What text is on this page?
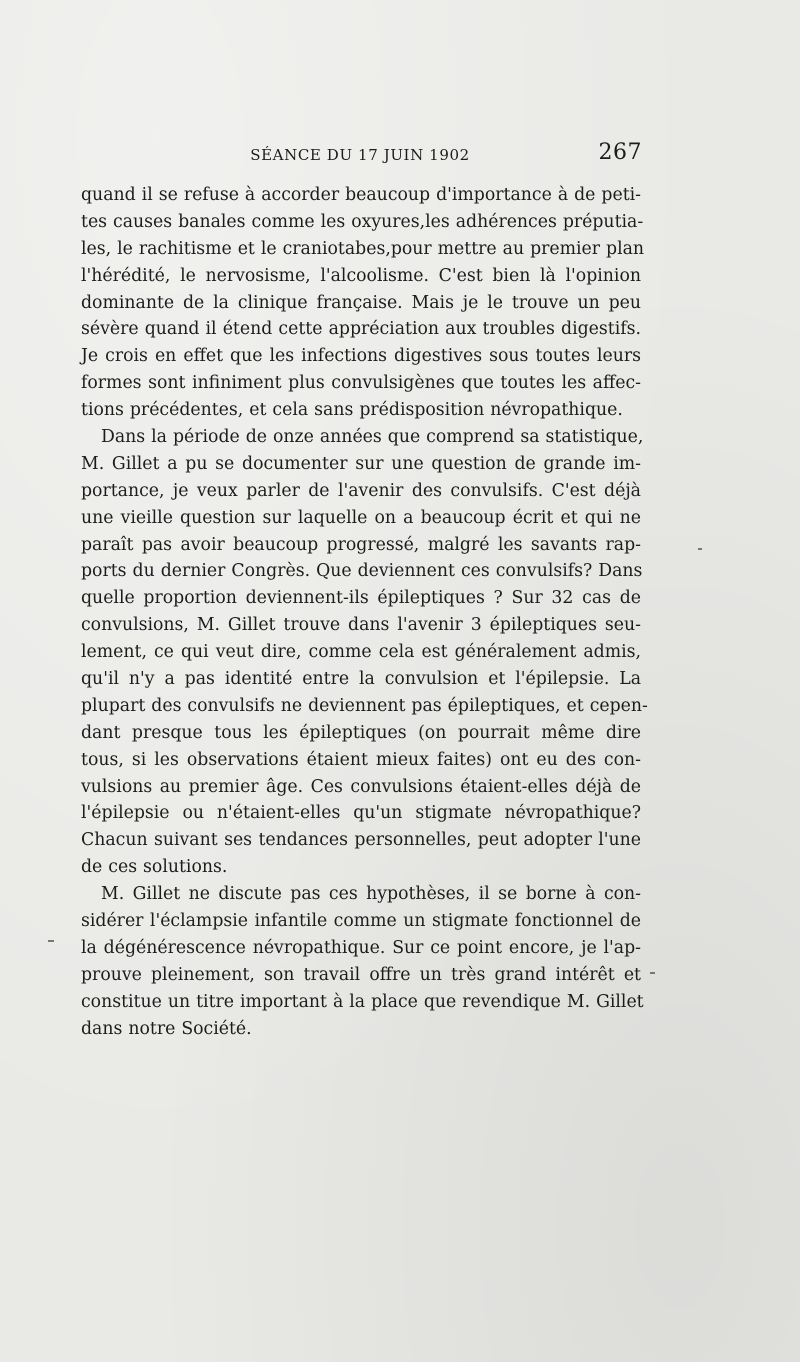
SÉANCE DU 17 JUIN 1902	267
quand il se refuse à accorder beaucoup d'importance à de peti-
tes causes banales comme les oxyures,les adhérences préputia-
les, le rachitisme et le craniotabes,pour mettre au premier plan
l'hérédité, le nervosisme, l'alcoolisme. C'est bien là l'opinion
dominante de la clinique française. Mais je le trouve un peu
sévère quand il étend cette appréciation aux troubles digestifs.
Je crois en effet que les infections digestives sous toutes leurs
formes sont infiniment plus convulsigènes que toutes les affec-
tions précédentes, et cela sans prédisposition névropathique.
Dans la période de onze années que comprend sa statistique,
M. Gillet a pu se documenter sur une question de grande im-
portance, je veux parler de l'avenir des convulsifs. C'est déjà
une vieille question sur laquelle on a beaucoup écrit et qui ne
paraît pas avoir beaucoup progressé, malgré les savants rap-
ports du dernier Congrès. Que deviennent ces convulsifs? Dans
quelle proportion deviennent-ils épileptiques ? Sur 32 cas de
convulsions, M. Gillet trouve dans l'avenir 3 épileptiques seu-
lement, ce qui veut dire, comme cela est généralement admis,
qu'il n'y a pas identité entre la convulsion et l'épilepsie. La
plupart des convulsifs ne deviennent pas épileptiques, et cepen-
dant presque tous les épileptiques (on pourrait même dire
tous, si les observations étaient mieux faites) ont eu des con-
vulsions au premier âge. Ces convulsions étaient-elles déjà de
l'épilepsie ou n'étaient-elles qu'un stigmate névropathique?
Chacun suivant ses tendances personnelles, peut adopter l'une
de ces solutions.
M. Gillet ne discute pas ces hypothèses, il se borne à con-
sidérer l'éclampsie infantile comme un stigmate fonctionnel de
la dégénérescence névropathique. Sur ce point encore, je l'ap-
prouve pleinement, son travail offre un très grand intérêt et
constitue un titre important à la place que revendique M. Gillet
dans notre Société.
